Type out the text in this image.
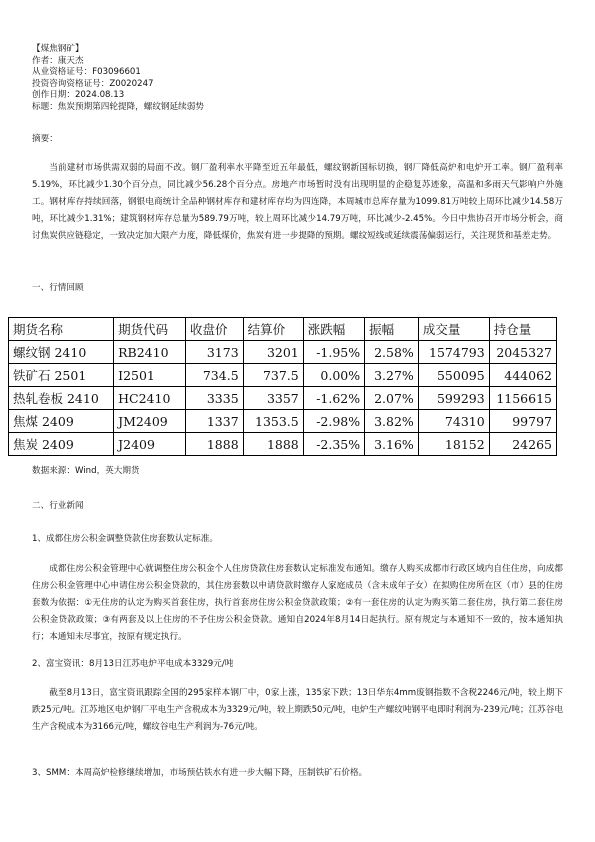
【煤焦钢矿】
作者：康天杰
从业资格证号：F03096601
投资咨询资格证号：Z0020247
创作日期：2024.08.13
标题：焦炭预期第四轮提降，螺纹钢延续弱势
摘要：
当前建材市场供需双弱的局面不改。钢厂盈利率水平降至近五年最低，螺纹钢新国标切换，钢厂降低高炉和电炉开工率。钢厂盈利率5.19%，环比减少1.30个百分点，同比减少56.28个百分点。房地产市场暂时没有出现明显的企稳复苏迹象，高温和多雨天气影响户外施工。钢材库存持续回落，钢银电商统计全品种钢材库存和建材库存均为四连降，本周城市总库存量为1099.81万吨较上周环比减少14.58万吨，环比减少1.31%；建筑钢材库存总量为589.79万吨，较上周环比减少14.79万吨，环比减少-2.45%。今日中焦协召开市场分析会，商讨焦炭供应链稳定，一致决定加大限产力度，降低煤价，焦炭有进一步提降的预期。螺纹短线或延续震荡偏弱运行，关注现货和基差走势。
一、行情回顾
期货名称	期货代码	收盘价	结算价	涨跌幅	振幅	成交量	持仓量
螺纹钢 2410	RB2410	3173	3201	-1.95%	2.58%	1574793	2045327
铁矿石 2501	I2501	734.5	737.5	0.00%	3.27%	550095	444062
热轧卷板 2410	HC2410	3335	3357	-1.62%	2.07%	599293	1156615
焦煤 2409	JM2409	1337	1353.5	-2.98%	3.82%	74310	99797
焦炭 2409	J2409	1888	1888	-2.35%	3.16%	18152	24265
数据来源：Wind，英大期货
二、行业新闻
1、成都住房公积金调整贷款住房套数认定标准。
成都住房公积金管理中心就调整住房公积金个人住房贷款住房套数认定标准发布通知。缴存人购买成都市行政区域内自住住房，向成都住房公积金管理中心申请住房公积金贷款的，其住房套数以申请贷款时缴存人家庭成员（含未成年子女）在拟购住房所在区（市）县的住房套数为依据：①无住房的认定为购买首套住房，执行首套房住房公积金贷款政策；②有一套住房的认定为购买第二套住房，执行第二套住房公积金贷款政策；③有两套及以上住房的不予住房公积金贷款。通知自2024年8月14日起执行。原有规定与本通知不一致的，按本通知执行；本通知未尽事宜，按原有规定执行。
2、富宝资讯：8月13日江苏电炉平电成本3329元/吨
截至8月13日，富宝资讯跟踪全国的295家样本钢厂中，0家上涨，135家下跌；13日华东4mm废钢指数不含税2246元/吨，较上期下跌25元/吨。江苏地区电炉钢厂平电生产含税成本为3329元/吨，较上期跌50元/吨，电炉生产螺纹吨钢平电即时利润为-239元/吨；江苏谷电生产含税成本为3166元/吨，螺纹谷电生产利润为-76元/吨。
3、SMM：本周高炉检修继续增加，市场预估铁水有进一步大幅下降，压制铁矿石价格。
